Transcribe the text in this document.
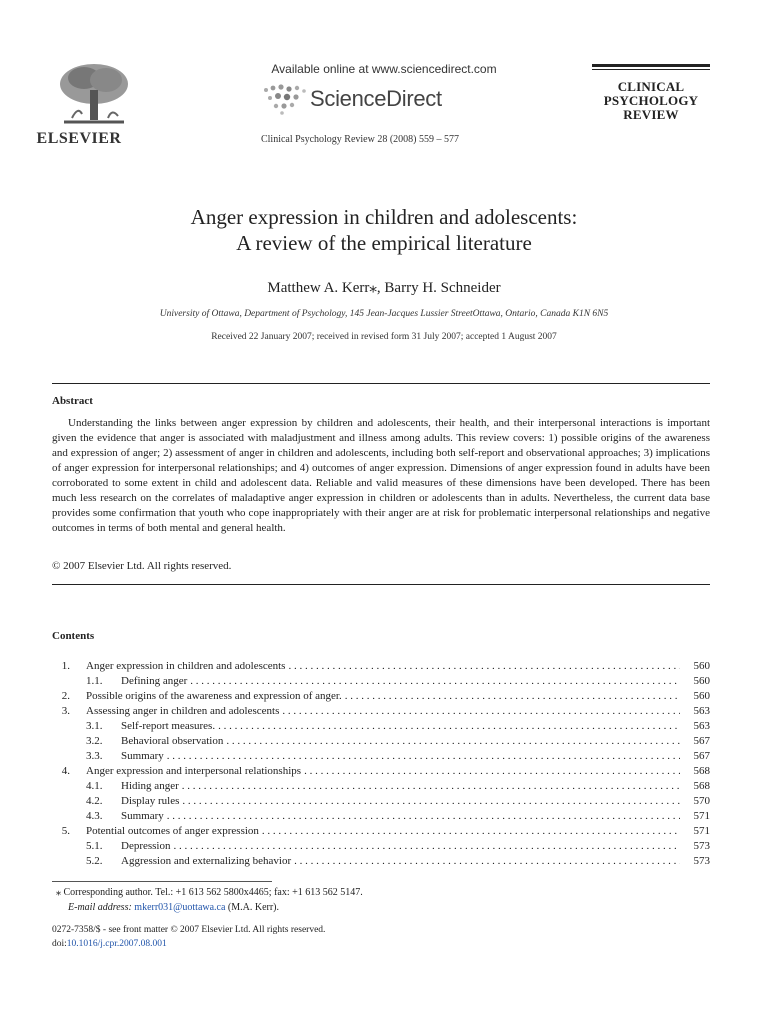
ELSEVIER
Available online at www.sciencedirect.com
ScienceDirect
Clinical Psychology Review 28 (2008) 559 – 577
CLINICAL
PSYCHOLOGY
REVIEW
Anger expression in children and adolescents:
A review of the empirical literature
Matthew A. Kerr⁎, Barry H. Schneider
University of Ottawa, Department of Psychology, 145 Jean-Jacques Lussier StreetOttawa, Ontario, Canada K1N 6N5
Received 22 January 2007; received in revised form 31 July 2007; accepted 1 August 2007
Abstract
Understanding the links between anger expression by children and adolescents, their health, and their interpersonal interactions is important given the evidence that anger is associated with maladjustment and illness among adults. This review covers: 1) possible origins of the awareness and expression of anger; 2) assessment of anger in children and adolescents, including both self-report and observational approaches; 3) implications of anger expression for interpersonal relationships; and 4) outcomes of anger expression. Dimensions of anger expression found in adults have been corroborated to some extent in child and adolescent data. Reliable and valid measures of these dimensions have been developed. There has been much less research on the correlates of maladaptive anger expression in children or adolescents than in adults. Nevertheless, the current data base provides some confirmation that youth who cope inappropriately with their anger are at risk for problematic interpersonal relationships and negative outcomes in terms of both mental and general health.
© 2007 Elsevier Ltd. All rights reserved.
Contents
1. Anger expression in children and adolescents . . .	560
1.1.	Defining anger . . .	560
2. Possible origins of the awareness and expression of anger. . . .	560
3. Assessing anger in children and adolescents . . .	563
3.1.	Self-report measures. . . .	563
3.2.	Behavioral observation . . .	567
3.3.	Summary . . .	567
4. Anger expression and interpersonal relationships . . .	568
4.1.	Hiding anger . . .	568
4.2.	Display rules . . .	570
4.3.	Summary . . .	571
5. Potential outcomes of anger expression . . .	571
5.1.	Depression . . .	573
5.2.	Aggression and externalizing behavior . . .	573
⁎ Corresponding author. Tel.: +1 613 562 5800x4465; fax: +1 613 562 5147.
E-mail address: mkerr031@uottawa.ca (M.A. Kerr).
0272-7358/$ - see front matter © 2007 Elsevier Ltd. All rights reserved.
doi:10.1016/j.cpr.2007.08.001
